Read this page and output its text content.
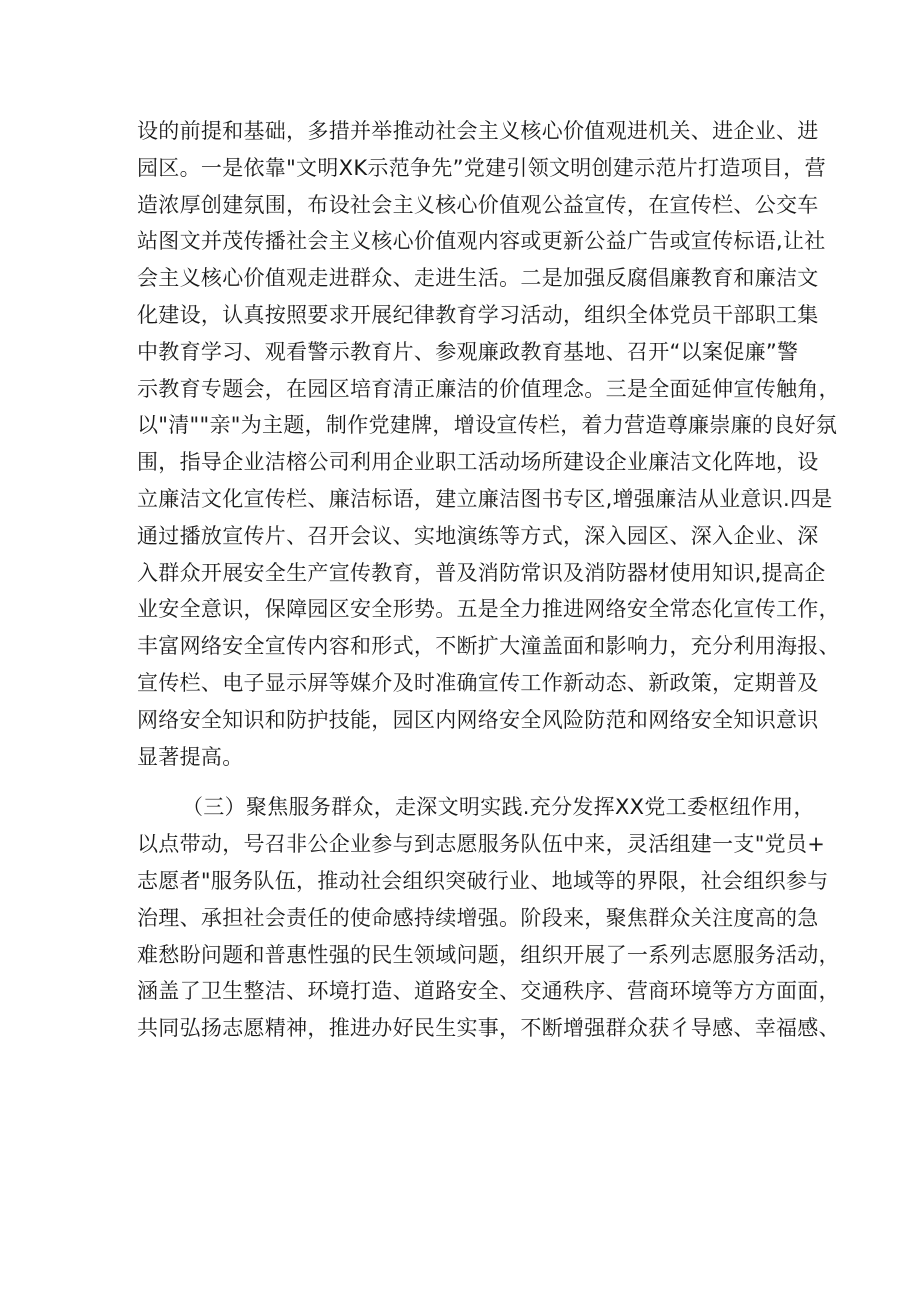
设的前提和基础，多措并举推动社会主义核心价值观进机关、进企业、进
园区。一是依靠"文明XK示范争先”党建引领文明创建示范片打造项目，营
造浓厚创建氛围，布设社会主义核心价值观公益宣传，在宣传栏、公交车
站图文并茂传播社会主义核心价值观内容或更新公益广告或宣传标语,让社
会主义核心价值观走进群众、走进生活。二是加强反腐倡廉教育和廉洁文
化建设，认真按照要求开展纪律教育学习活动，组织全体党员干部职工集
中教育学习、观看警示教育片、参观廉政教育基地、召开“以案促廉”警
示教育专题会，在园区培育清正廉洁的价值理念。三是全面延伸宣传触角，
以"清""亲"为主题，制作党建牌，增设宣传栏，着力营造尊廉崇廉的良好氛
围，指导企业洁榕公司利用企业职工活动场所建设企业廉洁文化阵地，设
立廉洁文化宣传栏、廉洁标语，建立廉洁图书专区,增强廉洁从业意识.四是
通过播放宣传片、召开会议、实地演练等方式，深入园区、深入企业、深
入群众开展安全生产宣传教育，普及消防常识及消防器材使用知识,提高企
业安全意识，保障园区安全形势。五是全力推进网络安全常态化宣传工作，
丰富网络安全宣传内容和形式，不断扩大潼盖面和影响力，充分利用海报、
宣传栏、电子显示屏等媒介及时准确宣传工作新动态、新政策，定期普及
网络安全知识和防护技能，园区内网络安全风险防范和网络安全知识意识
显著提高。
（三）聚焦服务群众，走深文明实践.充分发挥XX党工委枢纽作用，
以点带动，号召非公企业参与到志愿服务队伍中来，灵活组建一支"党员+
志愿者"服务队伍，推动社会组织突破行业、地域等的界限，社会组织参与
治理、承担社会责任的使命感持续增强。阶段来，聚焦群众关注度高的急
难愁盼问题和普惠性强的民生领域问题，组织开展了一系列志愿服务活动，
涵盖了卫生整洁、环境打造、道路安全、交通秩序、营商环境等方方面面，
共同弘扬志愿精神，推进办好民生实事，不断增强群众获彳导感、幸福感、
